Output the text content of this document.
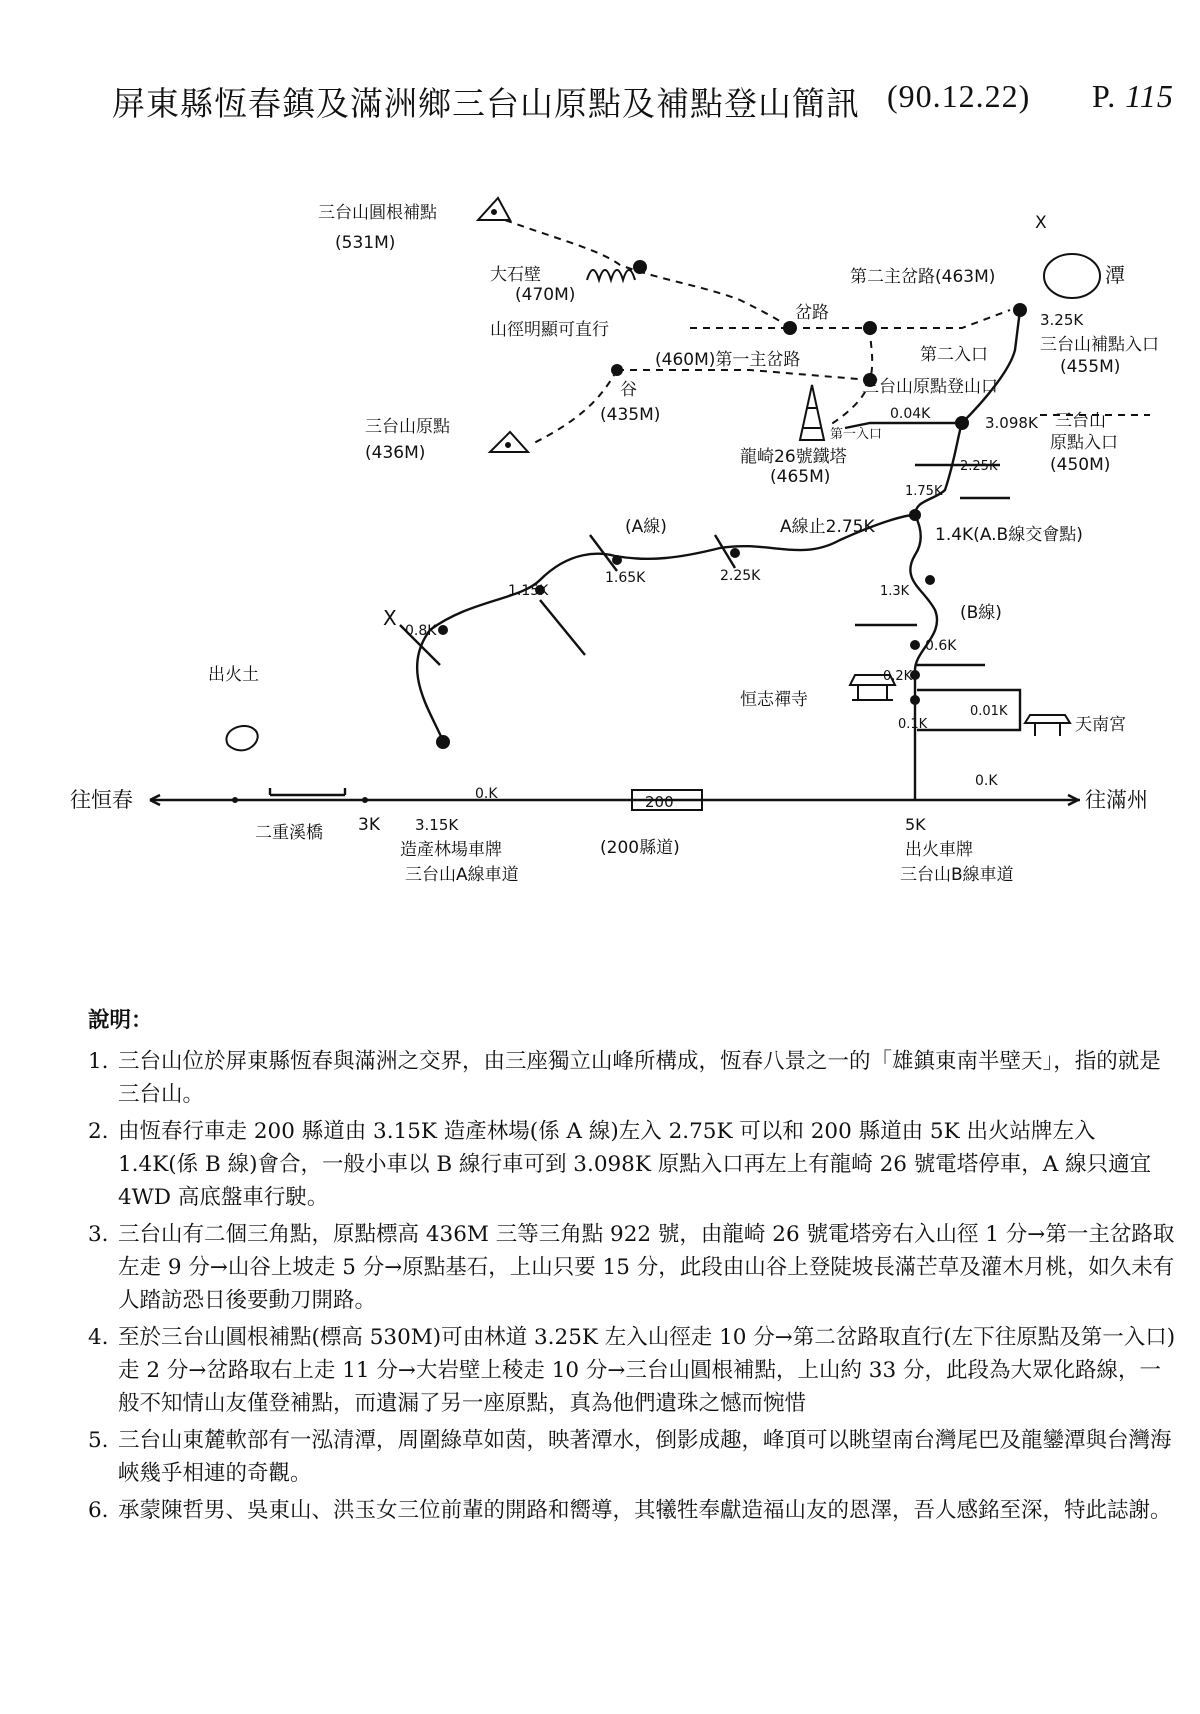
屏東縣恆春鎮及滿洲鄉三台山原點及補點登山簡訊 (90.12.22) P. 115
三台山圓根補點
(531M)
大石壁
(470M)
山徑明顯可直行
岔路
第二主岔路(463M)
(460M)第一主岔路
谷
(435M)
三台山原點
(436M)
三台山原點登山口
第一入口
龍崎26號鐵塔
(465M)
0.04K
第二入口
潭
3.25K
三台山補點入口
(455M)
3.098K 三台山
原點入口
(450M)
2.25K
1.75K
(A線)	A線止2.75K	1.4K(A.B線交會點)
1.65K	2.25K
1.15K
0.8K
1.3K
(B線)
0.6K
0.2K
0.1K
0.01K
恒志禪寺
天南宮
出火土
往恒春	往滿州
二重溪橋 3K
200
(200縣道)
0.K
3.15K
造產林場車牌
三台山A線車道
0.K
5K
出火車牌
三台山B線車道
X
X
說明：
1. 三台山位於屏東縣恆春與滿洲之交界，由三座獨立山峰所構成，恆春八景之一的「雄鎮東南半壁天」，指的就是三台山。
2. 由恆春行車走 200 縣道由 3.15K 造產林場(係 A 線)左入 2.75K 可以和 200 縣道由 5K 出火站牌左入 1.4K(係 B 線)會合，一般小車以 B 線行車可到 3.098K 原點入口再左上有龍崎 26 號電塔停車，A 線只適宜 4WD 高底盤車行駛。
3. 三台山有二個三角點，原點標高 436M 三等三角點 922 號，由龍崎 26 號電塔旁右入山徑 1 分→第一主岔路取左走 9 分→山谷上坡走 5 分→原點基石，上山只要 15 分，此段由山谷上登陡坡長滿芒草及灌木月桃，如久未有人踏訪恐日後要動刀開路。
4. 至於三台山圓根補點(標高 530M)可由林道 3.25K 左入山徑走 10 分→第二岔路取直行(左下往原點及第一入口)走 2 分→岔路取右上走 11 分→大岩壁上稜走 10 分→三台山圓根補點，上山約 33 分，此段為大眾化路線，一般不知情山友僅登補點，而遺漏了另一座原點，真為他們遺珠之憾而惋惜
5. 三台山東麓軟部有一泓清潭，周圍綠草如茵，映著潭水，倒影成趣，峰頂可以眺望南台灣尾巴及龍鑾潭與台灣海峽幾乎相連的奇觀。
6. 承蒙陳哲男、吳東山、洪玉女三位前輩的開路和嚮導，其犧牲奉獻造福山友的恩澤，吾人感銘至深，特此誌謝。
